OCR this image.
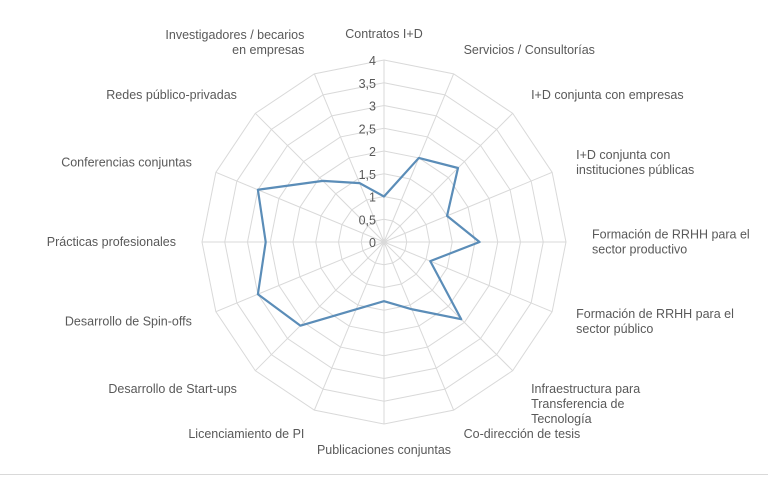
0
0,5
1
1,5
2
2,5
3
3,5
4
Contratos I+D
Servicios / Consultorías
I+D conjunta con empresas
I+D conjunta con instituciones públicas
Formación de RRHH para el sector productivo
Formación de RRHH para el sector público
Infraestructura para Transferencia de Tecnología
Co-dirección de tesis
Publicaciones conjuntas
Licenciamiento de PI
Desarrollo de Start-ups
Desarrollo de Spin-offs
Prácticas profesionales
Conferencias conjuntas
Redes público-privadas
Investigadores / becarios en empresas
